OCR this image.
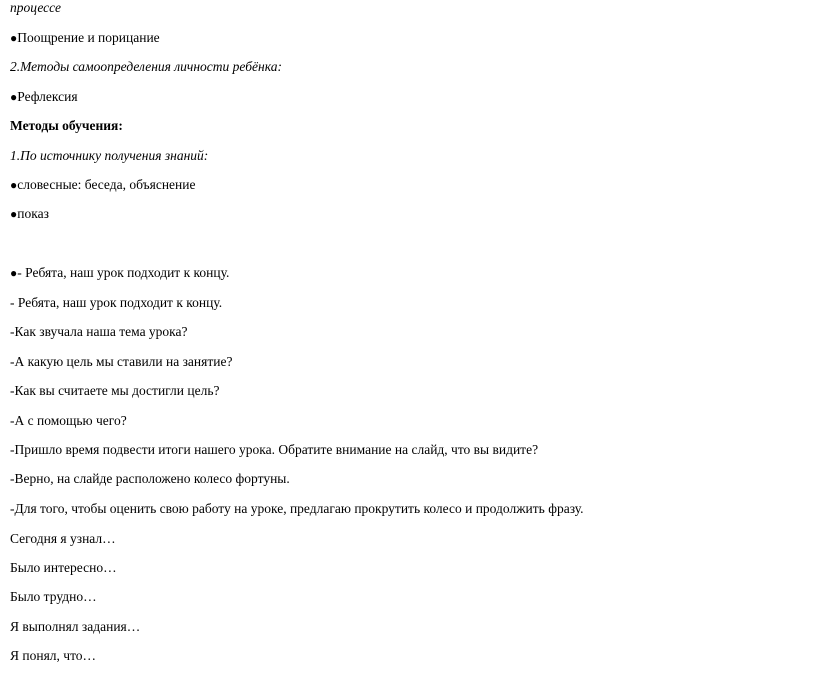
процессе
●Поощрение и порицание
2.Методы самоопределения личности ребёнка:
●Рефлексия
Методы обучения:
1.По источнику получения знаний:
●словесные: беседа, объяснение
●показ
●- Ребята, наш урок подходит к концу.
- Ребята, наш урок подходит к концу.
-Как звучала наша тема урока?
-А какую цель мы ставили на занятие?
-Как вы считаете мы достигли цель?
-А с помощью чего?
-Пришло время подвести итоги нашего урока. Обратите внимание на слайд, что вы видите?
-Верно, на слайде расположено колесо фортуны.
-Для того, чтобы оценить свою работу на уроке, предлагаю прокрутить колесо и продолжить фразу.
Сегодня я узнал…
Было интересно…
Было трудно…
Я выполнял задания…
Я понял, что…
